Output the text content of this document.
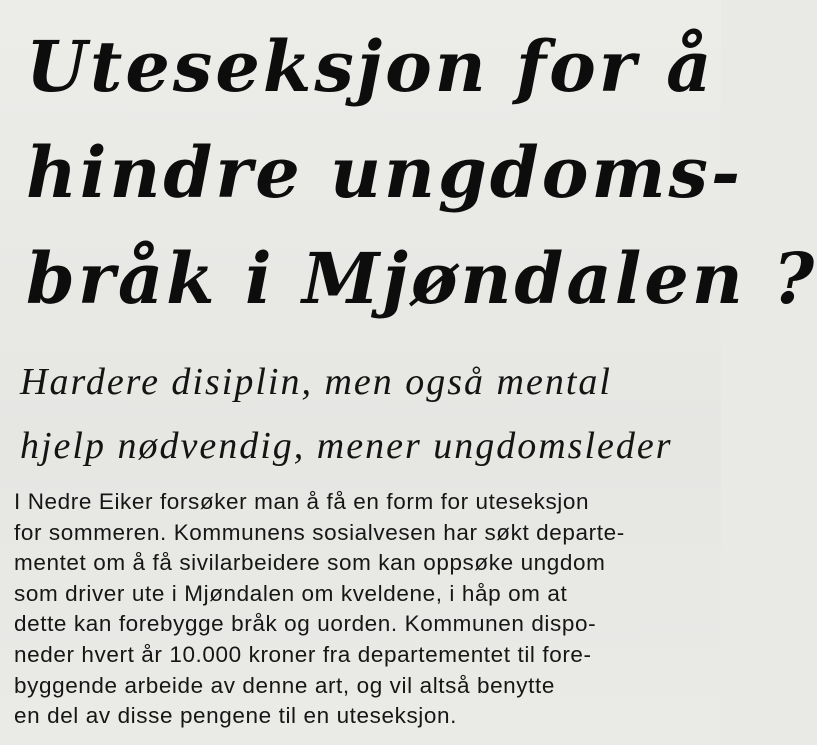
Uteseksjon for å
hindre ungdoms-
bråk i Mjøndalen ?
Hardere disiplin, men også mental
hjelp nødvendig, mener ungdomsleder
I Nedre Eiker forsøker man å få en form for uteseksjon
for sommeren. Kommunens sosialvesen har søkt departe-
mentet om å få sivilarbeidere som kan oppsøke ungdom
som driver ute i Mjøndalen om kveldene, i håp om at
dette kan forebygge bråk og uorden. Kommunen dispo-
neder hvert år 10.000 kroner fra departementet til fore-
byggende arbeide av denne art, og vil altså benytte
en del av disse pengene til en uteseksjon.
